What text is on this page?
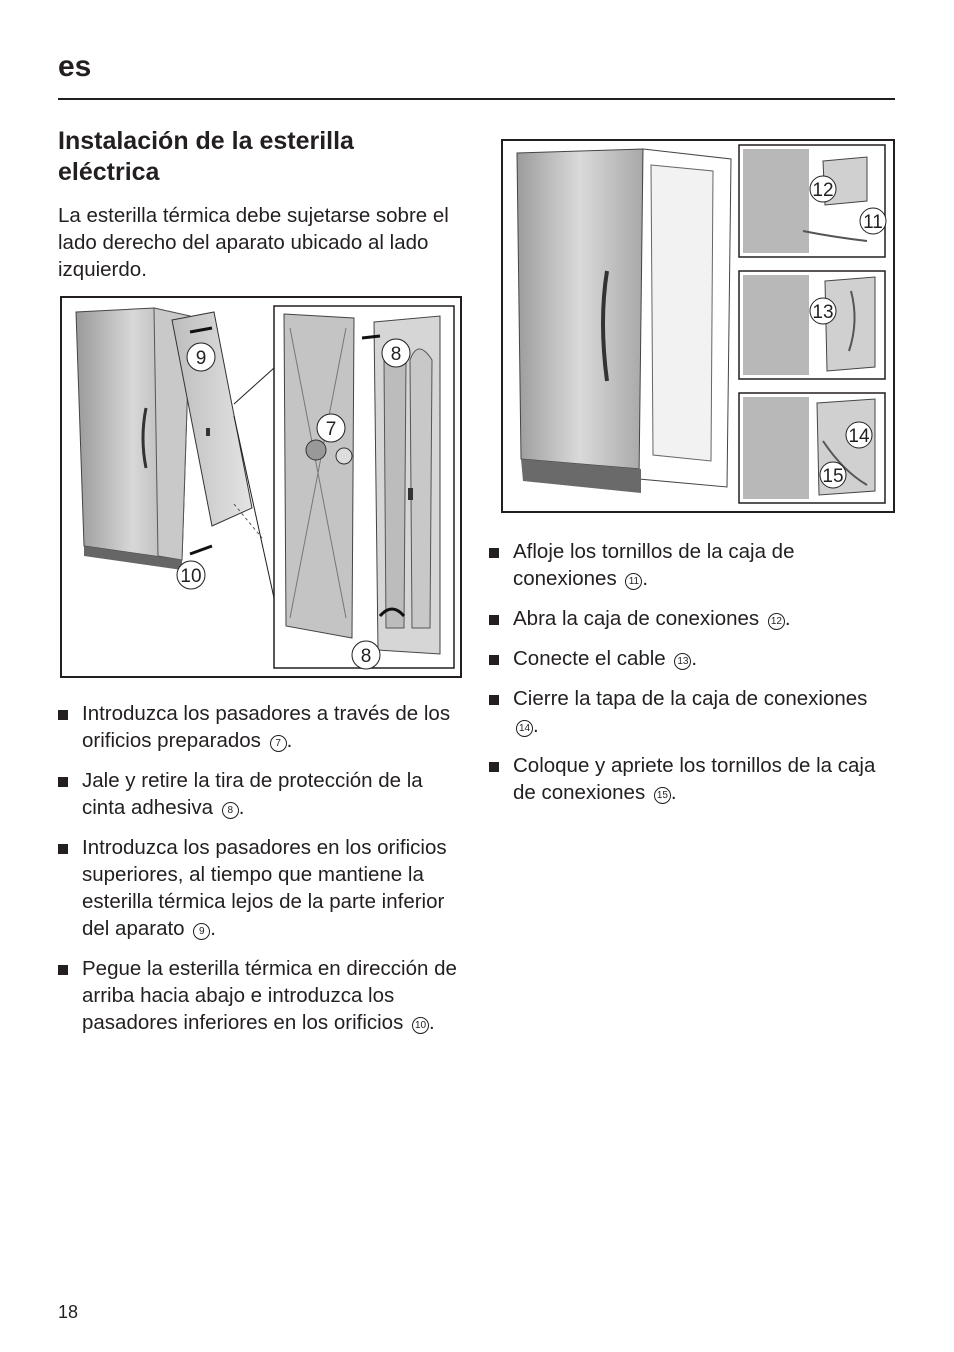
es
Instalación de la esterilla eléctrica
La esterilla térmica debe sujetarse sobre el lado derecho del aparato ubicado al lado izquierdo.
9
10
8
7
8
12
11
13
14
15
Introduzca los pasadores a través de los orificios preparados 7 .
Jale y retire la tira de protección de la cinta adhesiva 8 .
Introduzca los pasadores en los orificios superiores, al tiempo que mantiene la esterilla térmica lejos de la parte inferior del aparato 9 .
Pegue la esterilla térmica en dirección de arriba hacia abajo e introduzca los pasadores inferiores en los orificios 10 .
Afloje los tornillos de la caja de conexiones 11 .
Abra la caja de conexiones 12 .
Conecte el cable 13 .
Cierre la tapa de la caja de conexiones 14 .
Coloque y apriete los tornillos de la caja de conexiones 15 .
18
